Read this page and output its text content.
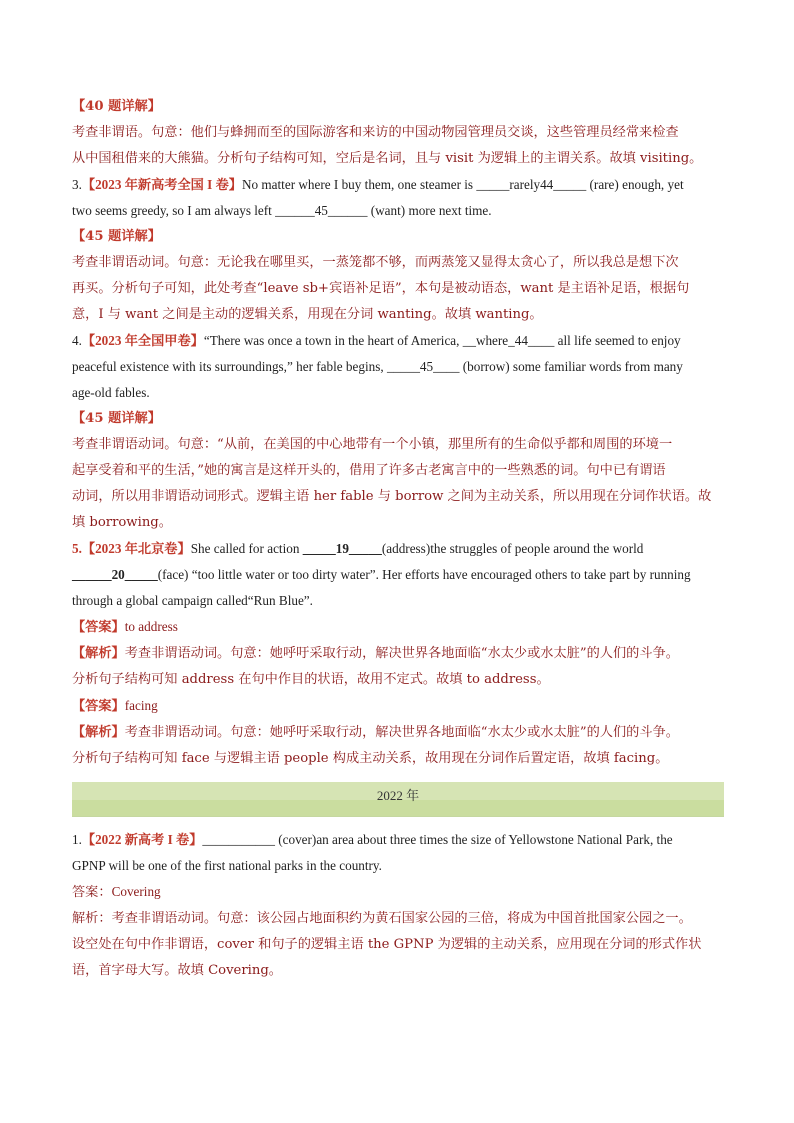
【40 题详解】
考查非谓语。句意：他们与蜂拥而至的国际游客和来访的中国动物园管理员交谈，这些管理员经常来检查
从中国租借来的大熊猫。分析句子结构可知，空后是名词，且与 visit 为逻辑上的主谓关系。故填 visiting。
3.【2023 年新高考全国 I 卷】No matter where I buy them, one steamer is _____rarely44_____ (rare) enough, yet
two seems greedy, so I am always left ______45______ (want) more next time.
【45 题详解】
考查非谓语动词。句意：无论我在哪里买，一蒸笼都不够，而两蒸笼又显得太贪心了，所以我总是想下次
再买。分析句子可知，此处考查“leave sb+宾语补足语”，本句是被动语态，want 是主语补足语，根据句
意，I 与 want 之间是主动的逻辑关系，用现在分词 wanting。故填 wanting。
4.【2023 年全国甲卷】“There was once a town in the heart of America, __where_44____ all life seemed to enjoy
peaceful existence with its surroundings,” her fable begins, _____45____ (borrow) some familiar words from many
age-old fables.
【45 题详解】
考查非谓语动词。句意：“从前，在美国的中心地带有一个小镇，那里所有的生命似乎都和周围的环境一
起享受着和平的生活，”她的寓言是这样开头的，借用了许多古老寓言中的一些熟悉的词。句中已有谓语
动词，所以用非谓语动词形式。逻辑主语 her fable 与 borrow 之间为主动关系，所以用现在分词作状语。故
填 borrowing。
5.【2023 年北京卷】She called for action _____19_____(address)the struggles of people around the world
______20_____(face) “too little water or too dirty water”. Her efforts have encouraged others to take part by running
through a global campaign called“Run Blue”.
【答案】to address
【解析】考查非谓语动词。句意：她呼吁采取行动，解决世界各地面临“水太少或水太脏”的人们的斗争。
分析句子结构可知 address 在句中作目的状语，故用不定式。故填 to address。
【答案】facing
【解析】考查非谓语动词。句意：她呼吁采取行动，解决世界各地面临“水太少或水太脏”的人们的斗争。
分析句子结构可知 face 与逻辑主语 people 构成主动关系，故用现在分词作后置定语，故填 facing。
2022 年
1.【2022 新高考 I 卷】___________ (cover)an area about three times the size of Yellowstone National Park, the
GPNP will be one of the first national parks in the country.
答案：Covering
解析：考查非谓语动词。句意：该公园占地面积约为黄石国家公园的三倍，将成为中国首批国家公园之一。
设空处在句中作非谓语，cover 和句子的逻辑主语 the GPNP 为逻辑的主动关系，应用现在分词的形式作状
语，首字母大写。故填 Covering。
